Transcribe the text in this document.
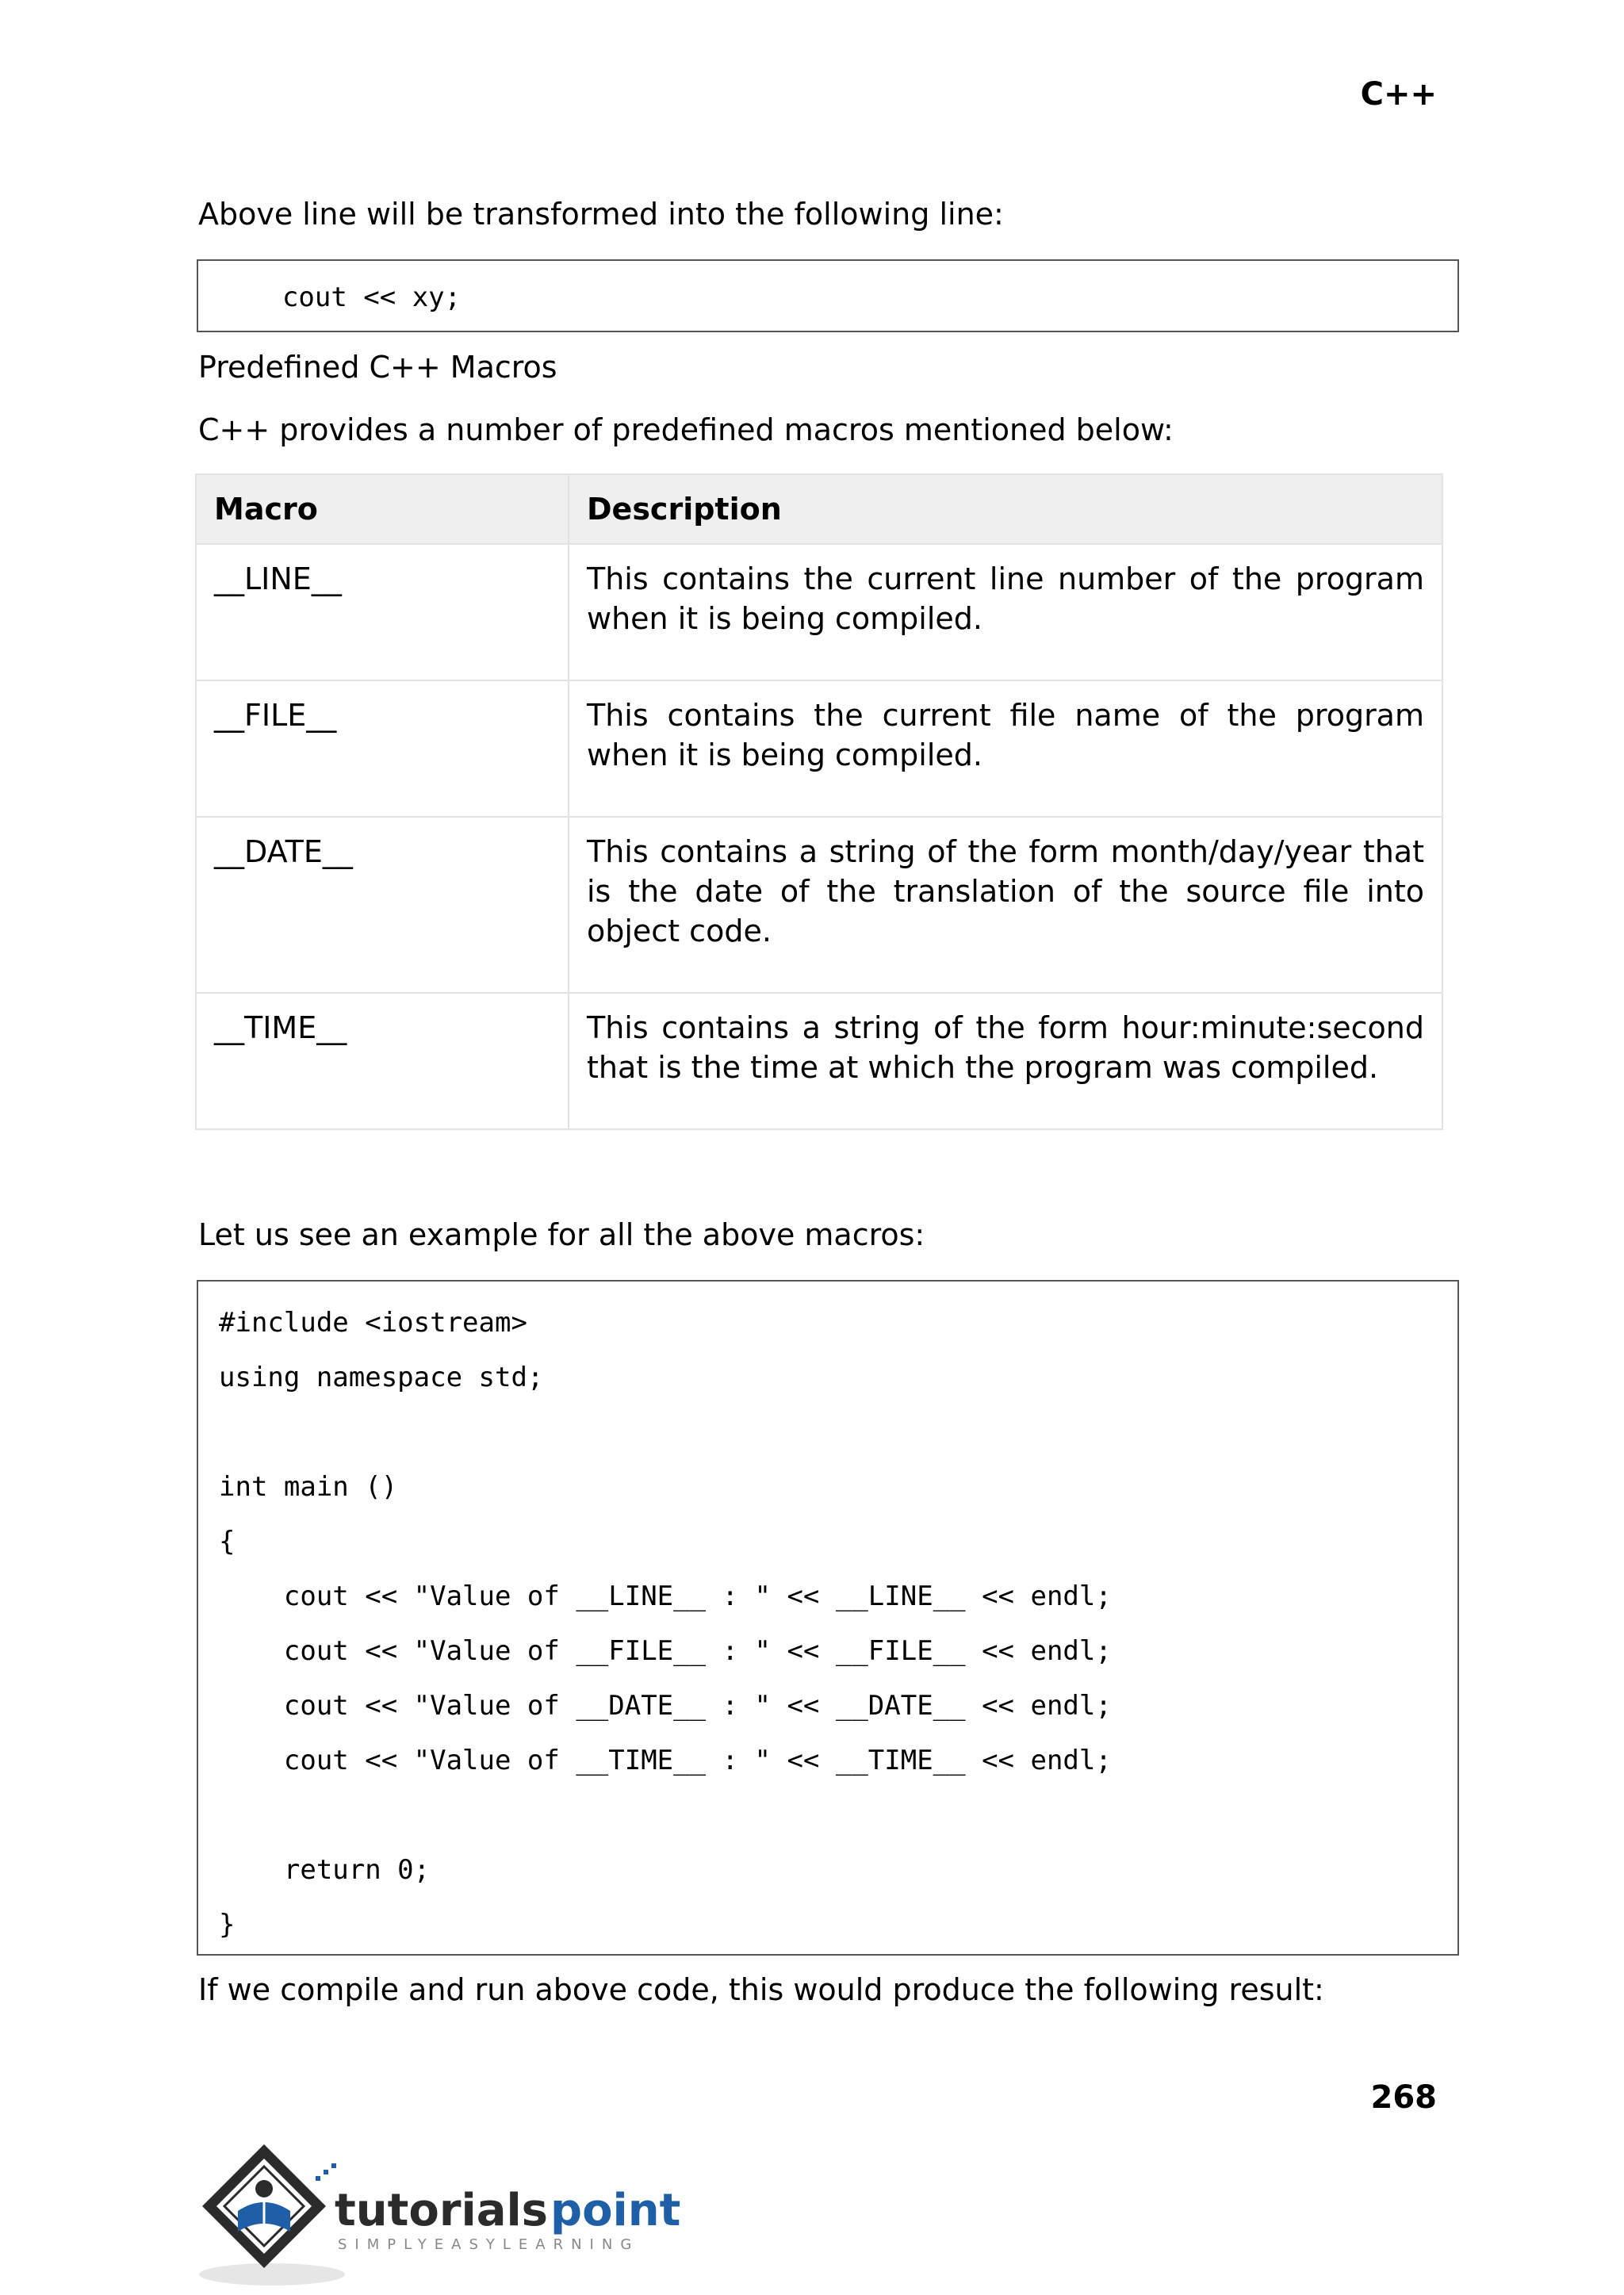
C++

Above line will be transformed into the following line:

cout << xy;

Predefined C++ Macros

C++ provides a number of predefined macros mentioned below:

Macro	Description
__LINE__	This contains the current line number of the program when it is being compiled.
__FILE__	This contains the current file name of the program when it is being compiled.
__DATE__	This contains a string of the form month/day/year that is the date of the translation of the source file into object code.
__TIME__	This contains a string of the form hour:minute:second that is the time at which the program was compiled.

Let us see an example for all the above macros:

#include <iostream>
using namespace std;
int main ()
{
cout << "Value of __LINE__ : " << __LINE__ << endl;
cout << "Value of __FILE__ : " << __FILE__ << endl;
cout << "Value of __DATE__ : " << __DATE__ << endl;
cout << "Value of __TIME__ : " << __TIME__ << endl;
return 0;
}

If we compile and run above code, this would produce the following result:

268

tutorials point
SIMPLYEASYLEARNING
